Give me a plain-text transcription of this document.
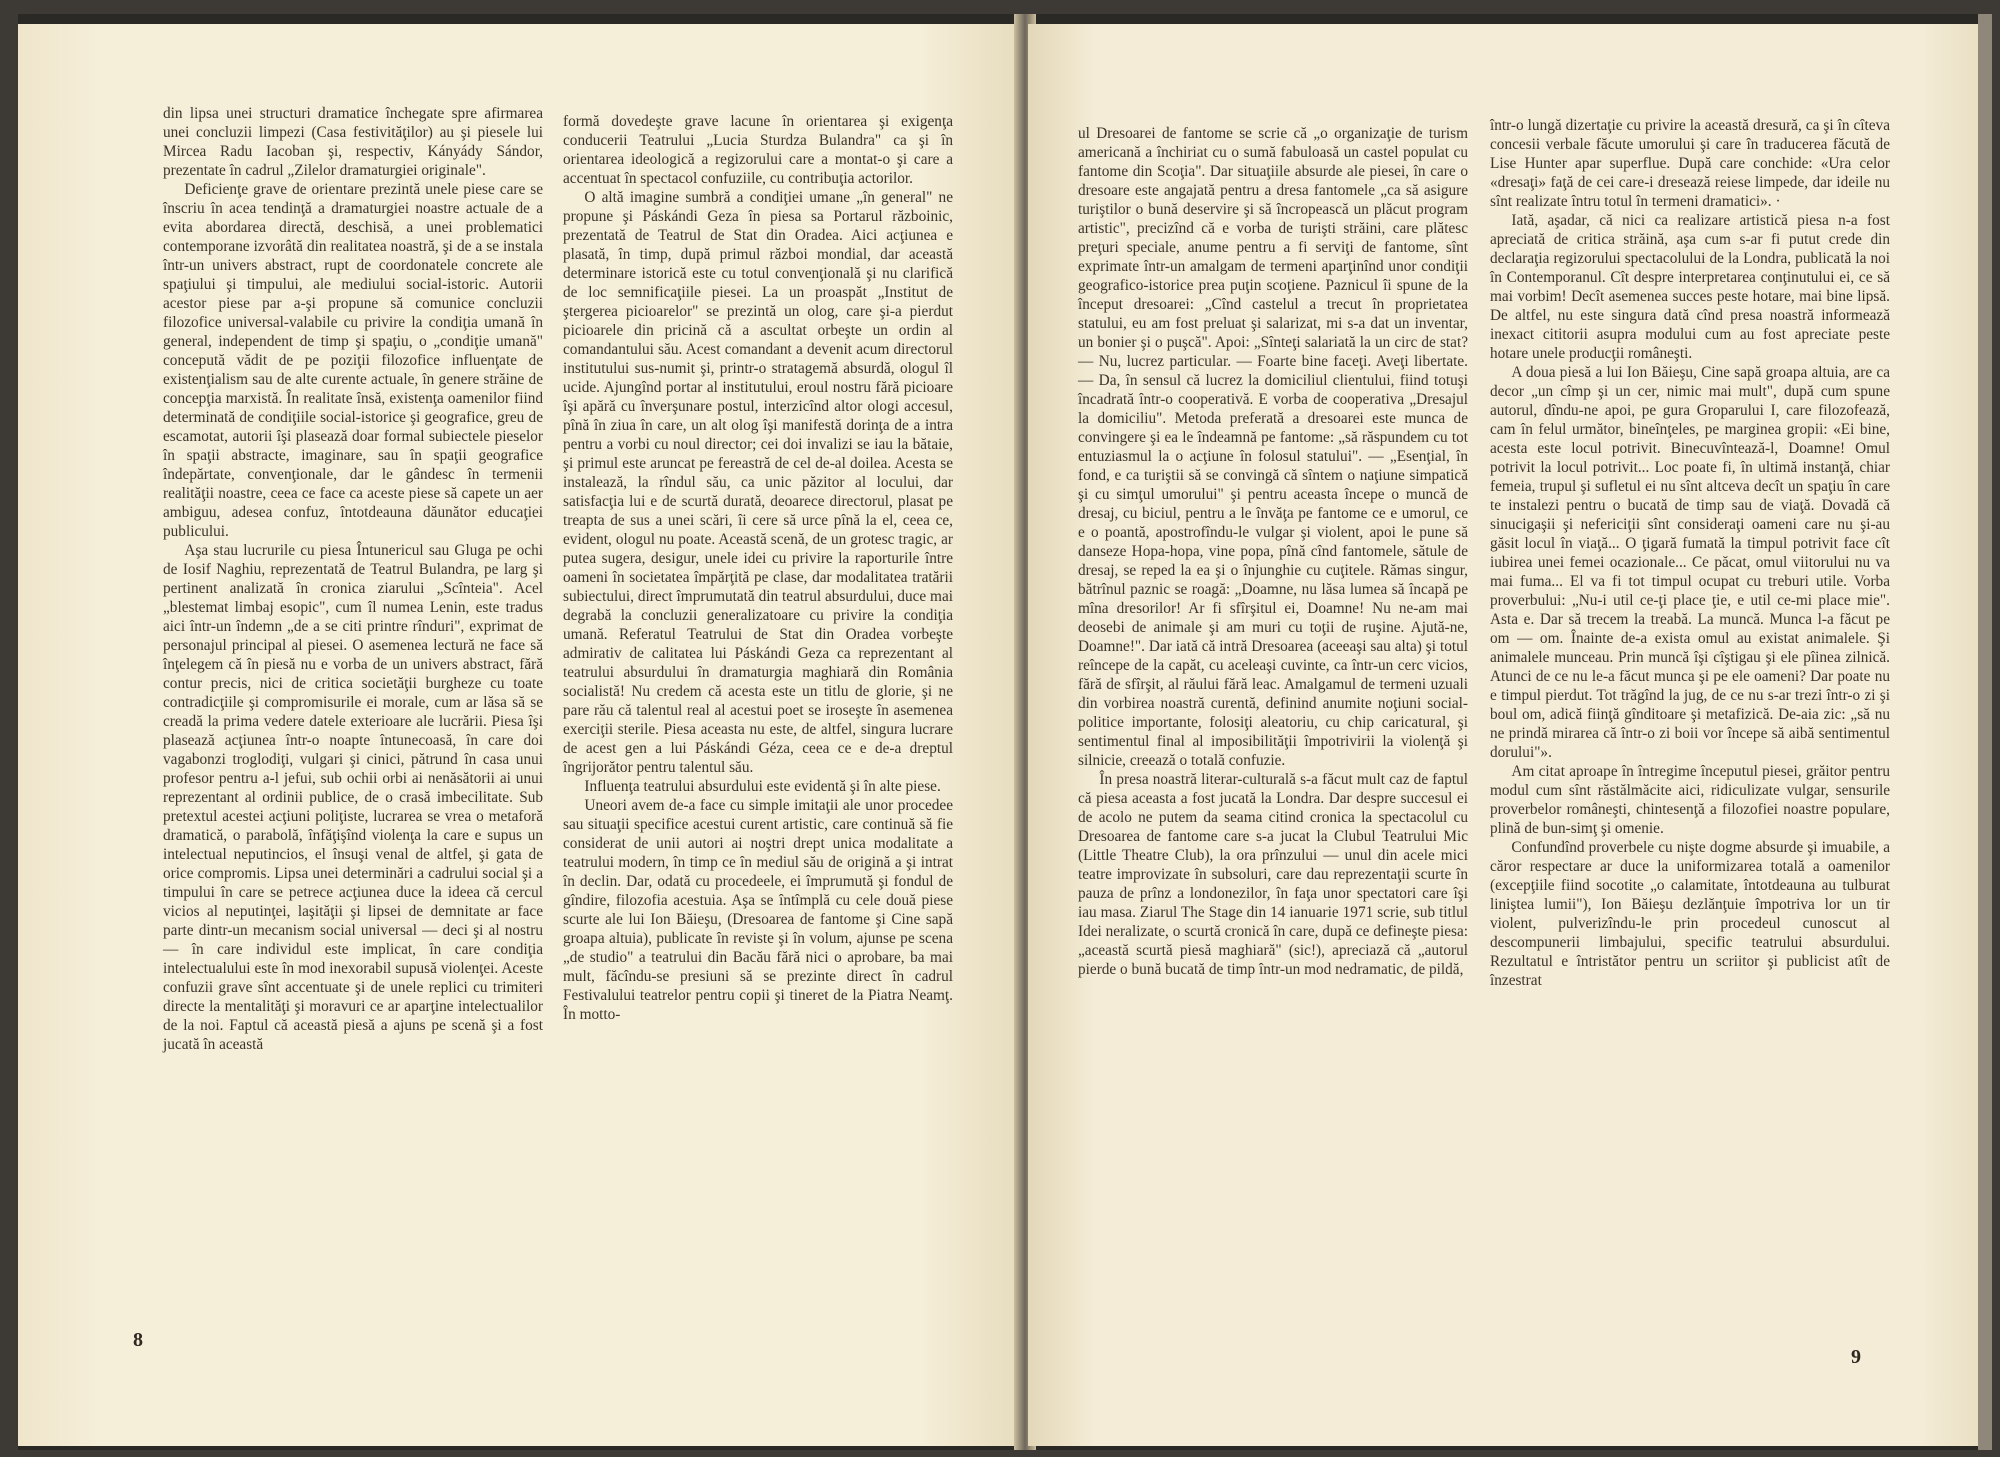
din lipsa unei structuri dramatice închegate spre afirmarea unei concluzii limpezi (Casa festivităţilor) au şi piesele lui Mircea Radu Iacoban şi, respectiv, Kányády Sándor, prezentate în cadrul „Zilelor dramaturgiei originale".

Deficienţe grave de orientare prezintă unele piese care se înscriu în acea tendinţă a dramaturgiei noastre actuale de a evita abordarea directă, deschisă, a unei problematici contemporane izvorâtă din realitatea noastră, şi de a se instala într-un univers abstract, rupt de coordonatele concrete ale spaţiului şi timpului, ale mediului social-istoric. Autorii acestor piese par a-şi propune să comunice concluzii filozofice universal-valabile cu privire la condiţia umană în general, independent de timp şi spaţiu, o „condiţie umană" concepută vădit de pe poziţii filozofice influenţate de existenţialism sau de alte curente actuale, în genere străine de concepţia marxistă. În realitate însă, existenţa oamenilor fiind determinată de condiţiile social-istorice şi geografice, greu de escamotat, autorii îşi plasează doar formal subiectele pieselor în spaţii abstracte, imaginare, sau în spaţii geografice îndepărtate, convenţionale, dar le gândesc în termenii realităţii noastre, ceea ce face ca aceste piese să capete un aer ambiguu, adesea confuz, întotdeauna dăunător educaţiei publicului.

Aşa stau lucrurile cu piesa Întunericul sau Gluga pe ochi de Iosif Naghiu, reprezentată de Teatrul Bulandra, pe larg şi pertinent analizată în cronica ziarului „Scînteia". Acel „blestemat limbaj esopic", cum îl numea Lenin, este tradus aici într-un îndemn „de a se citi printre rînduri", exprimat de personajul principal al piesei. O asemenea lectură ne face să înţelegem că în piesă nu e vorba de un univers abstract, fără contur precis, nici de critica societăţii burgheze cu toate contradicţiile şi compromisurile ei morale, cum ar lăsa să se creadă la prima vedere datele exterioare ale lucrării. Piesa îşi plasează acţiunea într-o noapte întunecoasă, în care doi vagabonzi troglodiţi, vulgari şi cinici, pătrund în casa unui profesor pentru a-l jefui, sub ochii orbi ai nenăsătorii ai unui reprezentant al ordinii publice, de o crasă imbecilitate. Sub pretextul acestei acţiuni poliţiste, lucrarea se vrea o metaforă dramatică, o parabolă, înfăţişînd violenţa la care e supus un intelectual neputincios, el însuşi venal de altfel, şi gata de orice compromis. Lipsa unei determinări a cadrului social şi a timpului în care se petrece acţiunea duce la ideea că cercul vicios al neputinţei, laşităţii şi lipsei de demnitate ar face parte dintr-un mecanism social universal — deci şi al nostru — în care individul este implicat, în care condiţia intelectualului este în mod inexorabil supusă violenţei. Aceste confuzii grave sînt accentuate şi de unele replici cu trimiteri directe la mentalităţi şi moravuri ce ar aparţine intelectualilor de la noi. Faptul că această piesă a ajuns pe scenă şi a fost jucată în această

formă dovedeşte grave lacune în orientarea şi exigenţa conducerii Teatrului „Lucia Sturdza Bulandra" ca şi în orientarea ideologică a regizorului care a montat-o şi care a accentuat în spectacol confuziile, cu contribuţia actorilor.

O altă imagine sumbră a condiţiei umane „în general" ne propune şi Páskándi Geza în piesa sa Portarul războinic, prezentată de Teatrul de Stat din Oradea. Aici acţiunea e plasată, în timp, după primul război mondial, dar această determinare istorică este cu totul convenţională şi nu clarifică de loc semnificaţiile piesei. La un proaspăt „Institut de ştergerea picioarelor" se prezintă un olog, care şi-a pierdut picioarele din pricină că a ascultat orbeşte un ordin al comandantului său. Acest comandant a devenit acum directorul institutului sus-numit şi, printr-o stratagemă absurdă, ologul îl ucide. Ajungînd portar al institutului, eroul nostru fără picioare îşi apără cu înverşunare postul, interzicînd altor ologi accesul, pînă în ziua în care, un alt olog îşi manifestă dorinţa de a intra pentru a vorbi cu noul director; cei doi invalizi se iau la bătaie, şi primul este aruncat pe fereastră de cel de-al doilea. Acesta se instalează, la rîndul său, ca unic păzitor al locului, dar satisfacţia lui e de scurtă durată, deoarece directorul, plasat pe treapta de sus a unei scări, îi cere să urce pînă la el, ceea ce, evident, ologul nu poate. Această scenă, de un grotesc tragic, ar putea sugera, desigur, unele idei cu privire la raporturile între oameni în societatea împărţită pe clase, dar modalitatea tratării subiectului, direct împrumutată din teatrul absurdului, duce mai degrabă la concluzii generalizatoare cu privire la condiţia umană. Referatul Teatrului de Stat din Oradea vorbeşte admirativ de calitatea lui Páskándi Geza ca reprezentant al teatrului absurdului în dramaturgia maghiară din România socialistă! Nu credem că acesta este un titlu de glorie, şi ne pare rău că talentul real al acestui poet se iroseşte în asemenea exerciţii sterile. Piesa aceasta nu este, de altfel, singura lucrare de acest gen a lui Páskándi Géza, ceea ce e de-a dreptul îngrijorător pentru talentul său.

Influenţa teatrului absurdului este evidentă şi în alte piese.

Uneori avem de-a face cu simple imitaţii ale unor procedee sau situaţii specifice acestui curent artistic, care continuă să fie considerat de unii autori ai noştri drept unica modalitate a teatrului modern, în timp ce în mediul său de origină a şi intrat în declin. Dar, odată cu procedeele, ei împrumută şi fondul de gîndire, filozofia acestuia. Aşa se întîmplă cu cele două piese scurte ale lui Ion Băieşu, (Dresoarea de fantome şi Cine sapă groapa altuia), publicate în reviste şi în volum, ajunse pe scena „de studio" a teatrului din Bacău fără nici o aprobare, ba mai mult, făcîndu-se presiuni să se prezinte direct în cadrul Festivalului teatrelor pentru copii şi tineret de la Piatra Neamţ. În motto-

8

ul Dresoarei de fantome se scrie că „o organizaţie de turism americană a închiriat cu o sumă fabuloasă un castel populat cu fantome din Scoţia". Dar situaţiile absurde ale piesei, în care o dresoare este angajată pentru a dresa fantomele „ca să asigure turiştilor o bună deservire şi să încropească un plăcut program artistic", precizînd că e vorba de turişti străini, care plătesc preţuri speciale, anume pentru a fi serviţi de fantome, sînt exprimate într-un amalgam de termeni aparţinînd unor condiţii geografico-istorice prea puţin scoţiene. Paznicul îi spune de la început dresoarei: „Cînd castelul a trecut în proprietatea statului, eu am fost preluat şi salarizat, mi s-a dat un inventar, un bonier şi o puşcă". Apoi: „Sînteţi salariată la un circ de stat? — Nu, lucrez particular. — Foarte bine faceţi. Aveţi libertate. — Da, în sensul că lucrez la domiciliul clientului, fiind totuşi încadrată într-o cooperativă. E vorba de cooperativa „Dresajul la domiciliu". Metoda preferată a dresoarei este munca de convingere şi ea le îndeamnă pe fantome: „să răspundem cu tot entuziasmul la o acţiune în folosul statului". — „Esenţial, în fond, e ca turiştii să se convingă că sîntem o naţiune simpatică şi cu simţul umorului" şi pentru aceasta începe o muncă de dresaj, cu biciul, pentru a le învăţa pe fantome ce e umorul, ce e o poantă, apostrofîndu-le vulgar şi violent, apoi le pune să danseze Hopa-hopa, vine popa, pînă cînd fantomele, sătule de dresaj, se reped la ea şi o înjunghie cu cuţitele. Rămas singur, bătrînul paznic se roagă: „Doamne, nu lăsa lumea să încapă pe mîna dresorilor! Ar fi sfîrşitul ei, Doamne! Nu ne-am mai deosebi de animale şi am muri cu toţii de ruşine. Ajută-ne, Doamne!". Dar iată că intră Dresoarea (aceeaşi sau alta) şi totul reîncepe de la capăt, cu aceleaşi cuvinte, ca într-un cerc vicios, fără de sfîrşit, al răului fără leac. Amalgamul de termeni uzuali din vorbirea noastră curentă, definind anumite noţiuni social-politice importante, folosiţi aleatoriu, cu chip caricatural, şi sentimentul final al imposibilităţii împotrivirii la violenţă şi silnicie, creează o totală confuzie.

În presa noastră literar-culturală s-a făcut mult caz de faptul că piesa aceasta a fost jucată la Londra. Dar despre succesul ei de acolo ne putem da seama citind cronica la spectacolul cu Dresoarea de fantome care s-a jucat la Clubul Teatrului Mic (Little Theatre Club), la ora prînzului — unul din acele mici teatre improvizate în subsoluri, care dau reprezentaţii scurte în pauza de prînz a londonezilor, în faţa unor spectatori care îşi iau masa. Ziarul The Stage din 14 ianuarie 1971 scrie, sub titlul Idei neralizate, o scurtă cronică în care, după ce defineşte piesa: „această scurtă piesă maghiară" (sic!), apreciază că „autorul pierde o bună bucată de timp într-un mod nedramatic, de pildă,

într-o lungă dizertaţie cu privire la această dresură, ca şi în cîteva concesii verbale făcute umorului şi care în traducerea făcută de Lise Hunter apar superflue. După care conchide: «Ura celor «dresaţi» faţă de cei care-i dresează reiese limpede, dar ideile nu sînt realizate întru totul în termeni dramatici». ·

Iată, aşadar, că nici ca realizare artistică piesa n-a fost apreciată de critica străină, aşa cum s-ar fi putut crede din declaraţia regizorului spectacolului de la Londra, publicată la noi în Contemporanul. Cît despre interpretarea conţinutului ei, ce să mai vorbim! Decît asemenea succes peste hotare, mai bine lipsă. De altfel, nu este singura dată cînd presa noastră informează inexact cititorii asupra modului cum au fost apreciate peste hotare unele producţii româneşti.

A doua piesă a lui Ion Băieşu, Cine sapă groapa altuia, are ca decor „un cîmp şi un cer, nimic mai mult", după cum spune autorul, dîndu-ne apoi, pe gura Groparului I, care filozofează, cam în felul următor, bineînţeles, pe marginea gropii: «Ei bine, acesta este locul potrivit. Binecuvîntează-l, Doamne! Omul potrivit la locul potrivit... Loc poate fi, în ultimă instanţă, chiar femeia, trupul şi sufletul ei nu sînt altceva decît un spaţiu în care te instalezi pentru o bucată de timp sau de viaţă. Dovadă că sinucigaşii şi nefericiţii sînt consideraţi oameni care nu şi-au găsit locul în viaţă... O ţigară fumată la timpul potrivit face cît iubirea unei femei ocazionale... Ce păcat, omul viitorului nu va mai fuma... El va fi tot timpul ocupat cu treburi utile. Vorba proverbului: „Nu-i util ce-ţi place ţie, e util ce-mi place mie". Asta e. Dar să trecem la treabă. La muncă. Munca l-a făcut pe om — om. Înainte de-a exista omul au existat animalele. Şi animalele munceau. Prin muncă îşi cîştigau şi ele pîinea zilnică. Atunci de ce nu le-a făcut munca şi pe ele oameni? Dar poate nu e timpul pierdut. Tot trăgînd la jug, de ce nu s-ar trezi într-o zi şi boul om, adică fiinţă gînditoare şi metafizică. De-aia zic: „să nu ne prindă mirarea că într-o zi boii vor începe să aibă sentimentul dorului"».

Am citat aproape în întregime începutul piesei, grăitor pentru modul cum sînt răstălmăcite aici, ridiculizate vulgar, sensurile proverbelor româneşti, chintesenţă a filozofiei noastre populare, plină de bun-simţ şi omenie.

Confundînd proverbele cu nişte dogme absurde şi imuabile, a căror respectare ar duce la uniformizarea totală a oamenilor (excepţiile fiind socotite „o calamitate, întotdeauna au tulburat liniştea lumii"), Ion Băieşu dezlănţuie împotriva lor un tir violent, pulverizîndu-le prin procedeul cunoscut al descompunerii limbajului, specific teatrului absurdului. Rezultatul e întristător pentru un scriitor şi publicist atît de înzestrat

9
